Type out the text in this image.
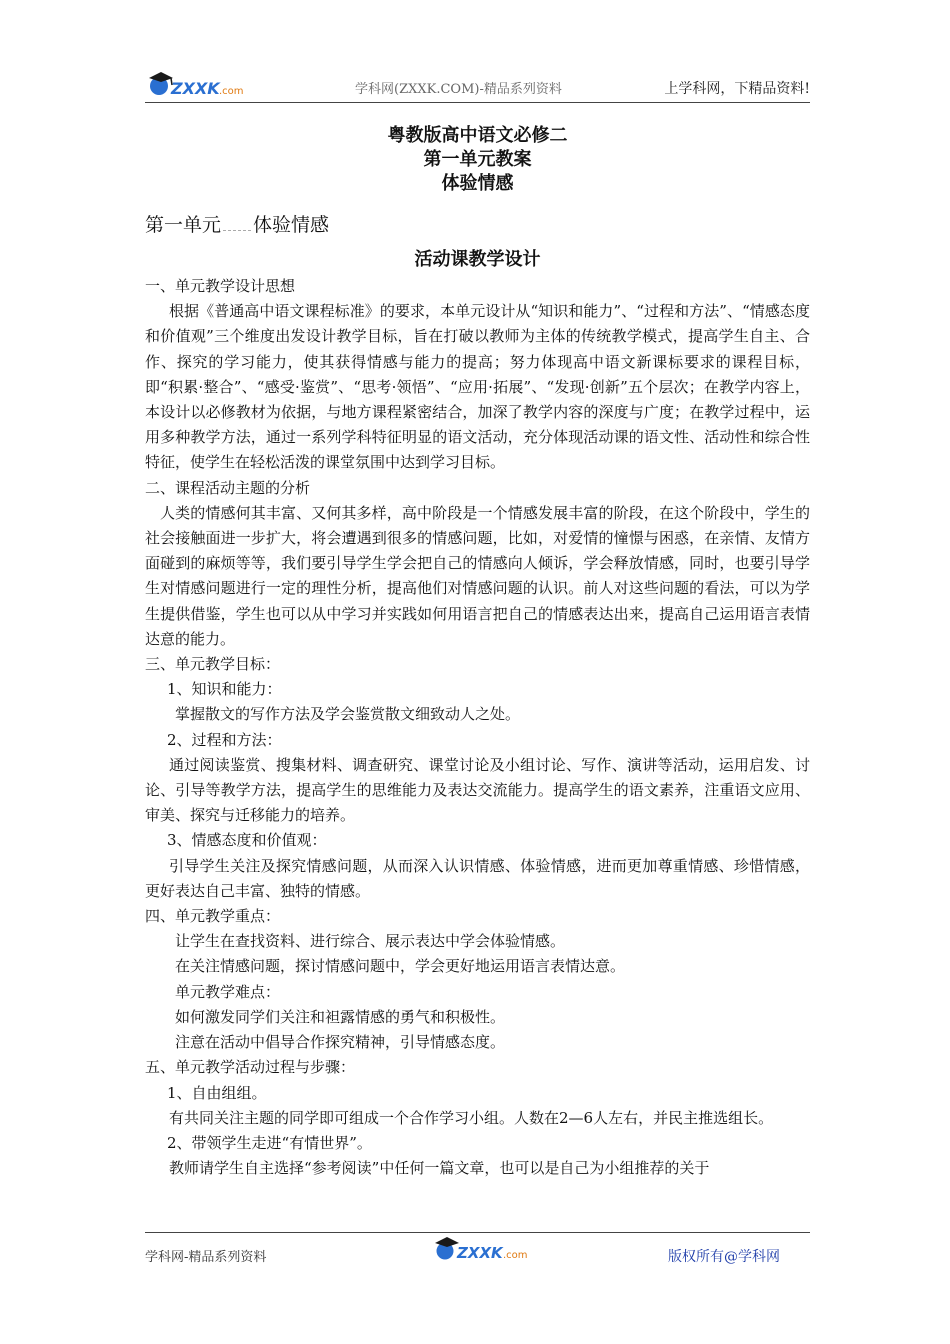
ZXXK .com	学科网(ZXXK.COM)-精品系列资料	上学科网，下精品资料!
粤教版高中语文必修二
第一单元教案
体验情感
第一单元 体验情感
活动课教学设计

一、单元教学设计思想

根据《普通高中语文课程标准》的要求，本单元设计从“知识和能力”、“过程和方法”、“情感态度和价值观”三个维度出发设计教学目标，旨在打破以教师为主体的传统教学模式，提高学生自主、合作、探究的学习能力，使其获得情感与能力的提高；努力体现高中语文新课标要求的课程目标，即“积累·整合”、“感受·鉴赏”、“思考·领悟”、“应用·拓展”、“发现·创新”五个层次；在教学内容上，本设计以必修教材为依据，与地方课程紧密结合，加深了教学内容的深度与广度；在教学过程中，运用多种教学方法，通过一系列学科特征明显的语文活动，充分体现活动课的语文性、活动性和综合性特征，使学生在轻松活泼的课堂氛围中达到学习目标。

二、课程活动主题的分析

人类的情感何其丰富、又何其多样，高中阶段是一个情感发展丰富的阶段，在这个阶段中，学生的社会接触面进一步扩大，将会遭遇到很多的情感问题，比如，对爱情的憧憬与困惑，在亲情、友情方面碰到的麻烦等等，我们要引导学生学会把自己的情感向人倾诉，学会释放情感，同时，也要引导学生对情感问题进行一定的理性分析，提高他们对情感问题的认识。前人对这些问题的看法，可以为学生提供借鉴，学生也可以从中学习并实践如何用语言把自己的情感表达出来，提高自己运用语言表情达意的能力。

三、单元教学目标：

1、知识和能力：

掌握散文的写作方法及学会鉴赏散文细致动人之处。

2、过程和方法：

通过阅读鉴赏、搜集材料、调查研究、课堂讨论及小组讨论、写作、演讲等活动，运用启发、讨论、引导等教学方法，提高学生的思维能力及表达交流能力。提高学生的语文素养，注重语文应用、审美、探究与迁移能力的培养。

3、情感态度和价值观：

引导学生关注及探究情感问题，从而深入认识情感、体验情感，进而更加尊重情感、珍惜情感，更好表达自己丰富、独特的情感。

四、单元教学重点：

让学生在查找资料、进行综合、展示表达中学会体验情感。

在关注情感问题，探讨情感问题中，学会更好地运用语言表情达意。

单元教学难点：

如何激发同学们关注和袒露情感的勇气和积极性。

注意在活动中倡导合作探究精神，引导情感态度。

五、单元教学活动过程与步骤：

1、自由组组。

有共同关注主题的同学即可组成一个合作学习小组。人数在2—6人左右，并民主推选组长。

2、带领学生走进“有情世界”。

教师请学生自主选择“参考阅读”中任何一篇文章，也可以是自己为小组推荐的关于

学科网-精品系列资料	ZXXK .com	版权所有@学科网
